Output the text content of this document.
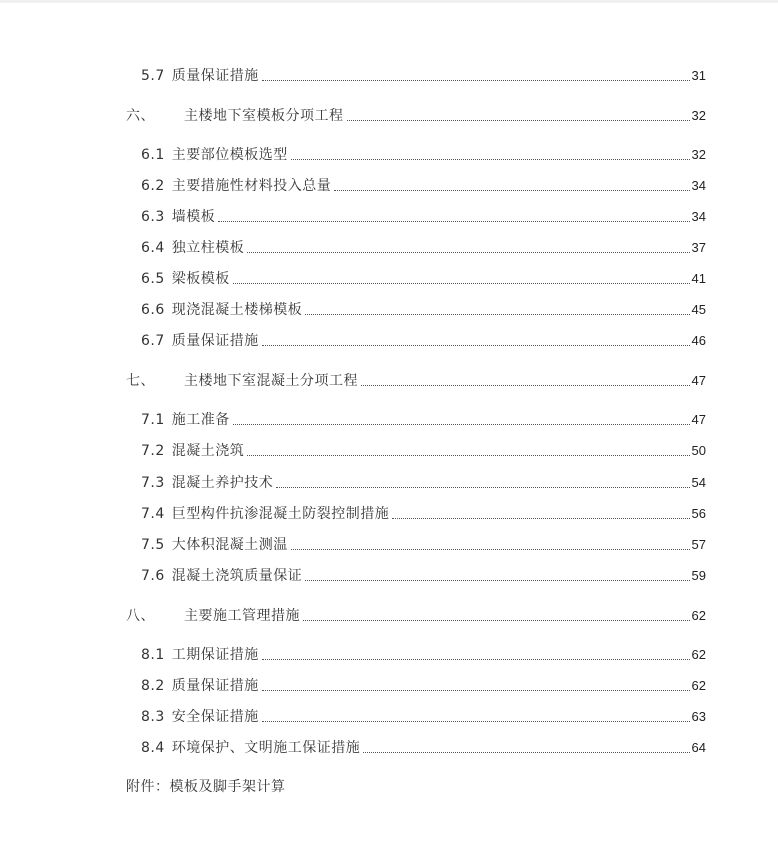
5.7 质量保证措施	31
六、 主楼地下室模板分项工程	32
6.1 主要部位模板选型	32
6.2 主要措施性材料投入总量	34
6.3 墙模板	34
6.4 独立柱模板	37
6.5 梁板模板	41
6.6 现浇混凝土楼梯模板	45
6.7 质量保证措施	46
七、 主楼地下室混凝土分项工程	47
7.1 施工准备	47
7.2 混凝土浇筑	50
7.3 混凝土养护技术	54
7.4 巨型构件抗渗混凝土防裂控制措施	56
7.5 大体积混凝土测温	57
7.6 混凝土浇筑质量保证	59
八、 主要施工管理措施	62
8.1 工期保证措施	62
8.2 质量保证措施	62
8.3 安全保证措施	63
8.4 环境保护、文明施工保证措施	64
附件：模板及脚手架计算
